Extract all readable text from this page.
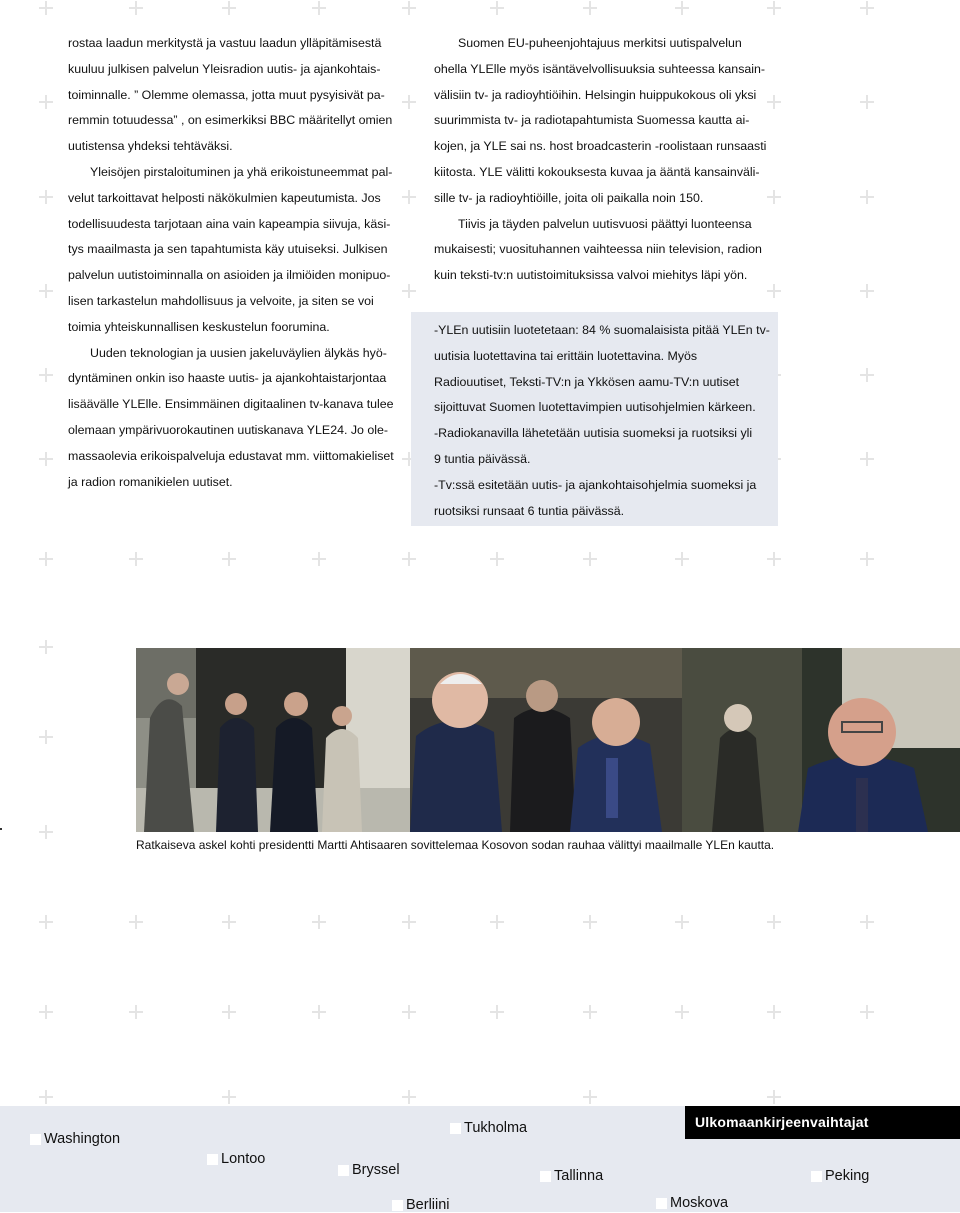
rostaa laadun merkitystä ja vastuu laadun ylläpitämisestä

kuuluu julkisen palvelun Yleisradion uutis- ja ajankohtais-

toiminnalle. ” Olemme olemassa, jotta muut pysyisivät pa-

remmin totuudessa” , on esimerkiksi BBC määritellyt omien

uutistensa yhdeksi tehtäväksi.

Yleisöjen pirstaloituminen ja yhä erikoistuneemmat pal-

velut tarkoittavat helposti näkökulmien kapeutumista. Jos

todellisuudesta tarjotaan aina vain kapeampia siivuja, käsi-

tys maailmasta ja sen tapahtumista käy utuiseksi. Julkisen

palvelun uutistoiminnalla on asioiden ja ilmiöiden monipuo-

lisen tarkastelun mahdollisuus ja velvoite, ja siten se voi

toimia yhteiskunnallisen keskustelun foorumina.

Uuden teknologian ja uusien jakeluväylien älykäs hyö-

dyntäminen onkin iso haaste uutis- ja ajankohtaistarjontaa

lisäävälle YLElle. Ensimmäinen digitaalinen tv-kanava tulee

olemaan ympärivuorokautinen uutiskanava YLE24. Jo ole-

massaolevia erikoispalveluja edustavat mm. viittomakieliset

ja radion romanikielen uutiset.

Suomen EU-puheenjohtajuus merkitsi uutispalvelun

ohella YLElle myös isäntävelvollisuuksia suhteessa kansain-

välisiin tv- ja radioyhtiöihin. Helsingin huippukokous oli yksi

suurimmista tv- ja radiotapahtumista Suomessa kautta ai-

kojen, ja YLE sai ns. host broadcasterin -roolistaan runsaasti

kiitosta. YLE välitti kokouksesta kuvaa ja ääntä kansainväli-

sille tv- ja radioyhtiöille, joita oli paikalla noin 150.

Tiivis ja täyden palvelun uutisvuosi päättyi luonteensa

mukaisesti; vuosituhannen vaihteessa niin television, radion

kuin teksti-tv:n uutistoimituksissa valvoi miehitys läpi yön.

-YLEn uutisiin luotetetaan: 84 % suomalaisista pitää YLEn tv-

uutisia luotettavina tai erittäin luotettavina. Myös

Radiouutiset, Teksti-TV:n ja Ykkösen aamu-TV:n uutiset

sijoittuvat Suomen luotettavimpien uutisohjelmien kärkeen.

-Radiokanavilla lähetetään uutisia suomeksi ja ruotsiksi yli

9 tuntia päivässä.

-Tv:ssä esitetään uutis- ja ajankohtaisohjelmia suomeksi ja

ruotsiksi runsaat 6 tuntia päivässä.

Ratkaiseva askel kohti presidentti Martti Ahtisaaren sovittelemaa Kosovon sodan rauhaa välittyi maailmalle YLEn kautta.
Ulkomaankirjeenvaihtajat
Washington
Lontoo
Bryssel
Berliini
Tukholma
Tallinna
Moskova
Peking
